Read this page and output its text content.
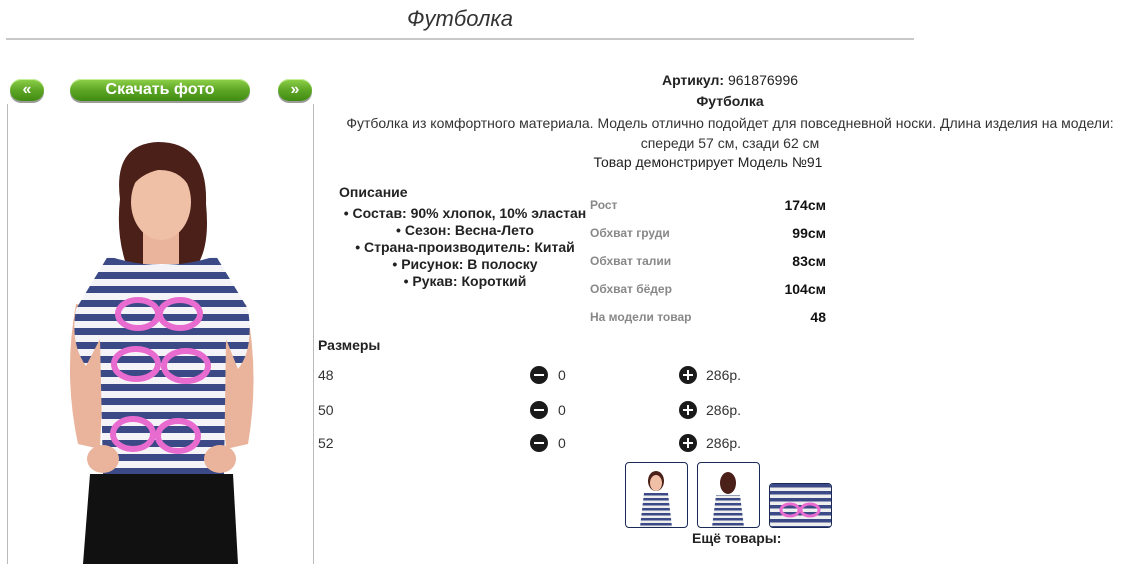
Футболка
«	Скачать фото	»
Артикул: 961876996
Футболка
Футболка из комфортного материала. Модель отлично подойдет для повседневной носки. Длина изделия на модели:
спереди 57 см, сзади 62 см
Товар демонстрирует Модель №91
Описание
• Состав: 90% хлопок, 10% эластан
• Сезон: Весна-Лето
• Страна-производитель: Китай
• Рисунок: В полоску
• Рукав: Короткий
Рост	174см
Обхват груди	99см
Обхват талии	83см
Обхват бёдер	104см
На модели товар	48
Размеры
48	0	286р.
50	0	286р.
52	0	286р.
Ещё товары:
